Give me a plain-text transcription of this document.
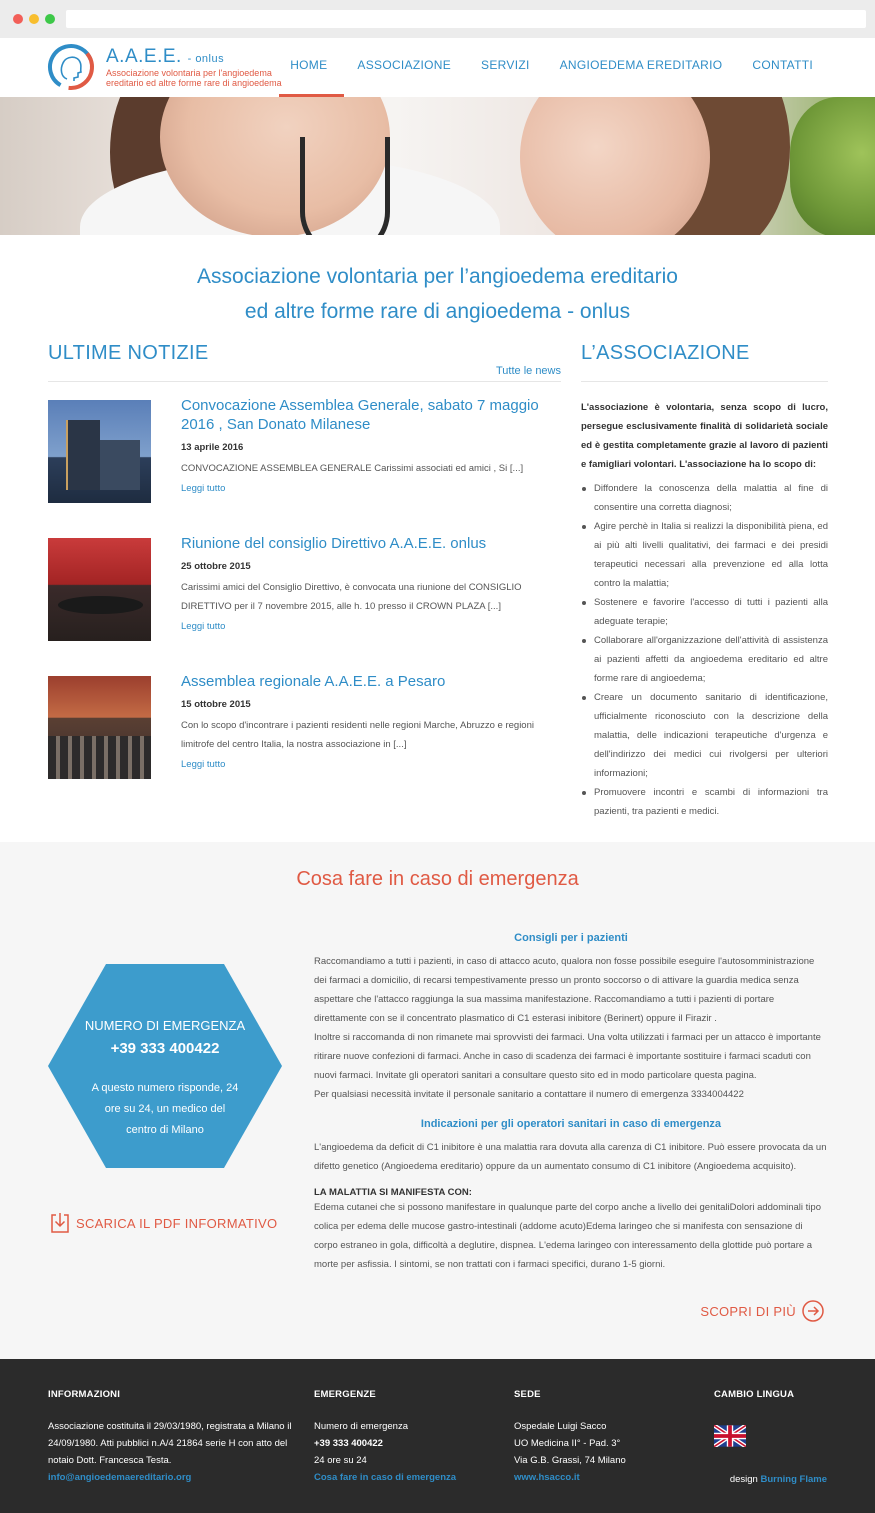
A.A.E.E. - onlus
Associazione volontaria per l'angioedema ereditario ed altre forme rare di angioedema
HOME	ASSOCIAZIONE	SERVIZI	ANGIOEDEMA EREDITARIO	CONTATTI
Associazione volontaria per l’angioedema ereditario
ed altre forme rare di angioedema - onlus
ULTIME NOTIZIE
Tutte le news
Convocazione Assemblea Generale, sabato 7 maggio 2016 , San Donato Milanese
13 aprile 2016
CONVOCAZIONE ASSEMBLEA GENERALE Carissimi associati ed amici , Si [...]
Leggi tutto
Riunione del consiglio Direttivo A.A.E.E. onlus
25 ottobre 2015
Carissimi amici del Consiglio Direttivo, è convocata una riunione del CONSIGLIO DIRETTIVO per il 7 novembre 2015, alle h. 10 presso il CROWN PLAZA [...]
Leggi tutto
Assemblea regionale A.A.E.E. a Pesaro
15 ottobre 2015
Con lo scopo d'incontrare i pazienti residenti nelle regioni Marche, Abruzzo e regioni limitrofe del centro Italia, la nostra associazione in [...]
Leggi tutto
L’ASSOCIAZIONE
L'associazione è volontaria, senza scopo di lucro, persegue esclusivamente finalità di solidarietà sociale ed è gestita completamente grazie al lavoro di pazienti e famigliari volontari. L'associazione ha lo scopo di:
Diffondere la conoscenza della malattia al fine di consentire una corretta diagnosi;
Agire perchè in Italia si realizzi la disponibilità piena, ed ai più alti livelli qualitativi, dei farmaci e dei presidi terapeutici necessari alla prevenzione ed alla lotta contro la malattia;
Sostenere e favorire l'accesso di tutti i pazienti alla adeguate terapie;
Collaborare all'organizzazione dell'attività di assistenza ai pazienti affetti da angioedema ereditario ed altre forme rare di angioedema;
Creare un documento sanitario di identificazione, ufficialmente riconosciuto con la descrizione della malattia, delle indicazioni terapeutiche d'urgenza e dell'indirizzo dei medici cui rivolgersi per ulteriori informazioni;
Promuovere incontri e scambi di informazioni tra pazienti, tra pazienti e medici.
Cosa fare in caso di emergenza
NUMERO DI EMERGENZA
+39 333 400422
A questo numero risponde, 24 ore su 24, un medico del centro di Milano
SCARICA IL PDF INFORMATIVO
Consigli per i pazienti
Raccomandiamo a tutti i pazienti, in caso di attacco acuto, qualora non fosse possibile eseguire l'autosomministrazione dei farmaci a domicilio, di recarsi tempestivamente presso un pronto soccorso o di attivare la guardia medica senza aspettare che l'attacco raggiunga la sua massima manifestazione. Raccomandiamo a tutti i pazienti di portare direttamente con se il concentrato plasmatico di C1 esterasi inibitore (Berinert) oppure il Firazir .
Inoltre si raccomanda di non rimanete mai sprovvisti dei farmaci. Una volta utilizzati i farmaci per un attacco è importante ritirare nuove confezioni di farmaci. Anche in caso di scadenza dei farmaci è importante sostituire i farmaci scaduti con nuovi farmaci. Invitate gli operatori sanitari a consultare questo sito ed in modo particolare questa pagina.
Per qualsiasi necessità invitate il personale sanitario a contattare il numero di emergenza 3334004422
Indicazioni per gli operatori sanitari in caso di emergenza
L'angioedema da deficit di C1 inibitore è una malattia rara dovuta alla carenza di C1 inibitore. Può essere provocata da un difetto genetico (Angioedema ereditario) oppure da un aumentato consumo di C1 inibitore (Angioedema acquisito).
LA MALATTIA SI MANIFESTA CON:
Edema cutanei che si possono manifestare in qualunque parte del corpo anche a livello dei genitaliDolori addominali tipo colica per edema delle mucose gastro-intestinali (addome acuto)Edema laringeo che si manifesta con sensazione di corpo estraneo in gola, difficoltà a deglutire, dispnea. L'edema laringeo con interessamento della glottide può portare a morte per asfissia. I sintomi, se non trattati con i farmaci specifici, durano 1-5 giorni.
SCOPRI DI PIÙ
INFORMAZIONI
Associazione costituita il 29/03/1980, registrata a Milano il 24/09/1980. Atti pubblici n.A/4 21864 serie H con atto del notaio Dott. Francesca Testa.
info@angioedemaereditario.org
EMERGENZE
Numero di emergenza
+39 333 400422
24 ore su 24
Cosa fare in caso di emergenza
SEDE
Ospedale Luigi Sacco
UO Medicina II° - Pad. 3°
Via G.B. Grassi, 74 Milano
www.hsacco.it
CAMBIO LINGUA
design Burning Flame
